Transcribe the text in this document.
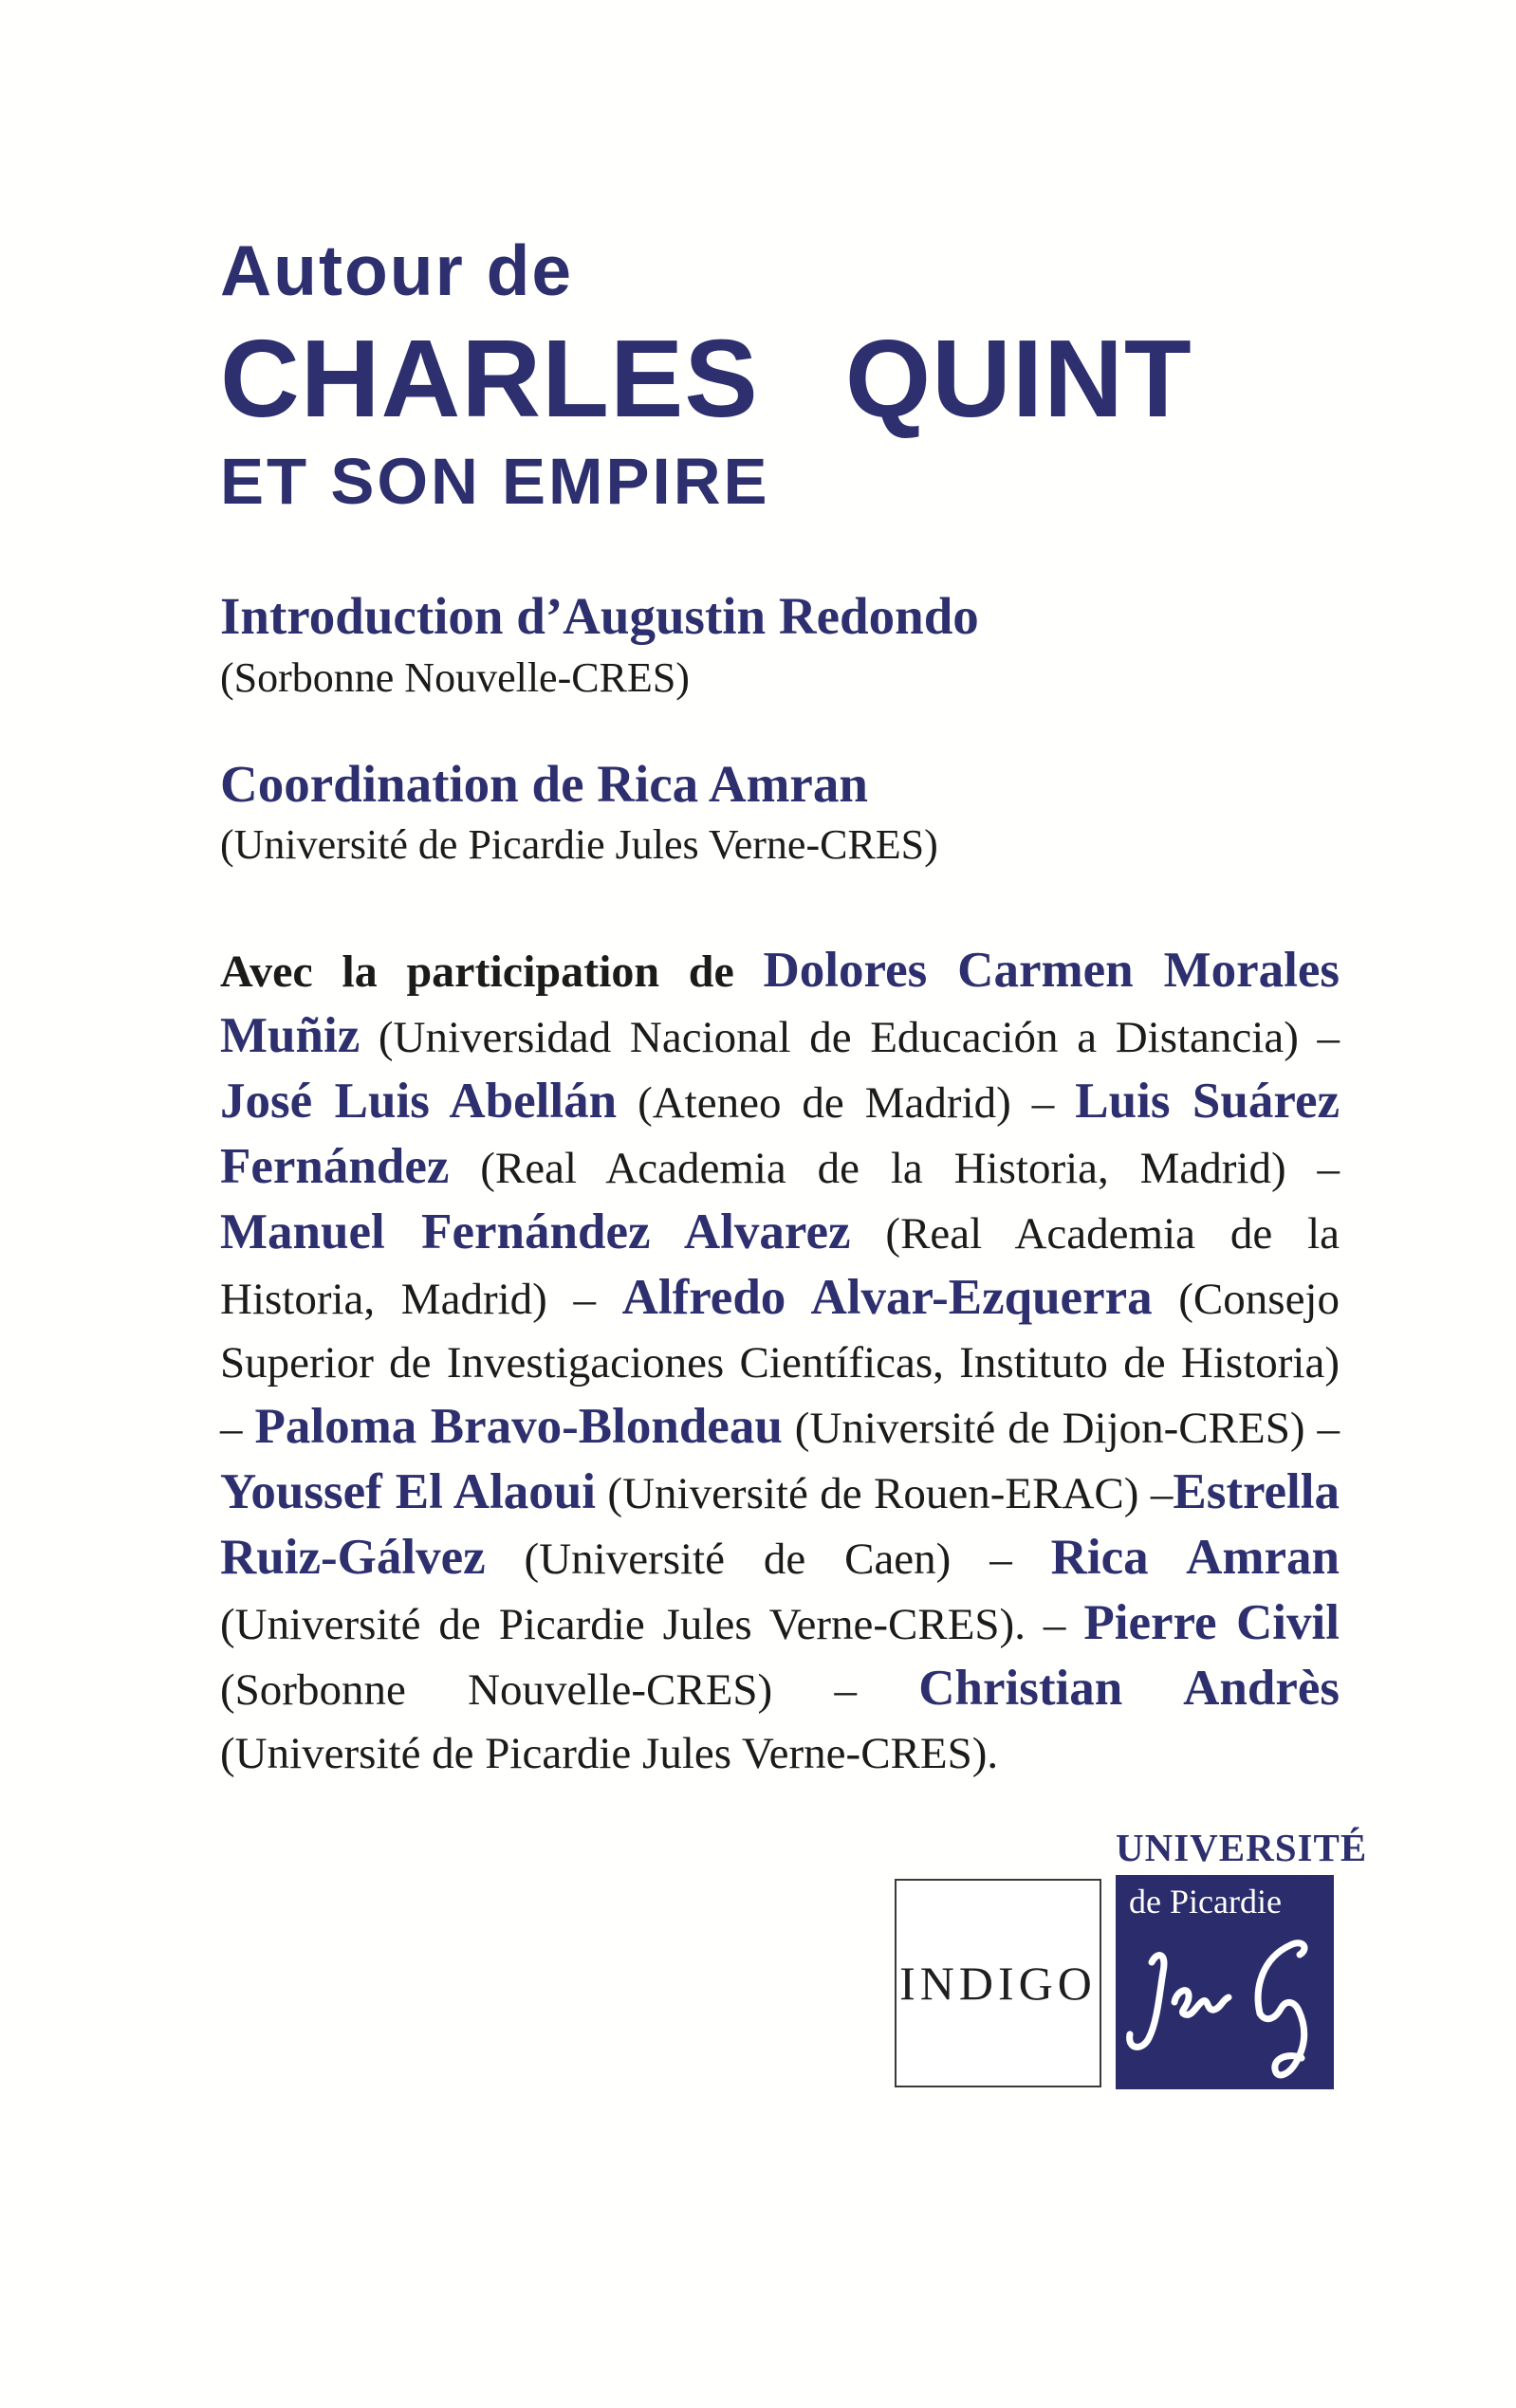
Autour de
CHARLES QUINT
ET SON EMPIRE
Introduction d’Augustin Redondo
(Sorbonne Nouvelle-CRES)
Coordination de Rica Amran
(Université de Picardie Jules Verne-CRES)
Avec la participation de Dolores Carmen Morales Muñiz (Universidad Nacional de Educación a Distancia) – José Luis Abellán (Ateneo de Madrid) – Luis Suárez Fernández (Real Academia de la Historia, Madrid) –Manuel Fernández Alvarez (Real Academia de la Historia, Madrid) – Alfredo Alvar-Ezquerra (Consejo Superior de Investigaciones Científicas, Instituto de Historia) – Paloma Bravo-Blondeau (Université de Dijon-CRES) – Youssef El Alaoui (Université de Rouen-ERAC) –Estrella Ruiz-Gálvez (Université de Caen) – Rica Amran (Université de Picardie Jules Verne-CRES). – Pierre Civil (Sorbonne Nouvelle-CRES) – Christian Andrès (Université de Picardie Jules Verne-CRES).
INDIGO
UNIVERSITÉ
de Picardie
